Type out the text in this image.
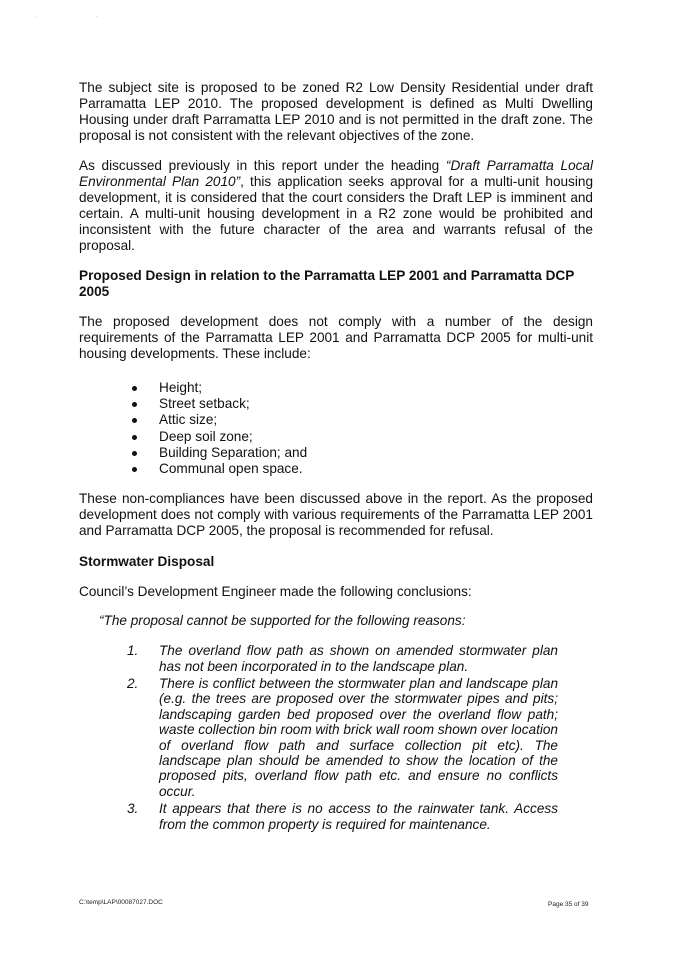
· ·

The subject site is proposed to be zoned R2 Low Density Residential under draft Parramatta LEP 2010. The proposed development is defined as Multi Dwelling Housing under draft Parramatta LEP 2010 and is not permitted in the draft zone. The proposal is not consistent with the relevant objectives of the zone.

As discussed previously in this report under the heading “Draft Parramatta Local Environmental Plan 2010”, this application seeks approval for a multi-unit housing development, it is considered that the court considers the Draft LEP is imminent and certain. A multi-unit housing development in a R2 zone would be prohibited and inconsistent with the future character of the area and warrants refusal of the proposal.

Proposed Design in relation to the Parramatta LEP 2001 and Parramatta DCP 2005

The proposed development does not comply with a number of the design requirements of the Parramatta LEP 2001 and Parramatta DCP 2005 for multi-unit housing developments. These include:

Height;
Street setback;
Attic size;
Deep soil zone;
Building Separation; and
Communal open space.

These non-compliances have been discussed above in the report. As the proposed development does not comply with various requirements of the Parramatta LEP 2001 and Parramatta DCP 2005, the proposal is recommended for refusal.

Stormwater Disposal

Council’s Development Engineer made the following conclusions:

“The proposal cannot be supported for the following reasons:

1. The overland flow path as shown on amended stormwater plan has not been incorporated in to the landscape plan.
2. There is conflict between the stormwater plan and landscape plan (e.g. the trees are proposed over the stormwater pipes and pits; landscaping garden bed proposed over the overland flow path; waste collection bin room with brick wall room shown over location of overland flow path and surface collection pit etc). The landscape plan should be amended to show the location of the proposed pits, overland flow path etc. and ensure no conflicts occur.
3. It appears that there is no access to the rainwater tank. Access from the common property is required for maintenance.
C:\temp\LAP\00087027.DOC	Page 35 of 39
